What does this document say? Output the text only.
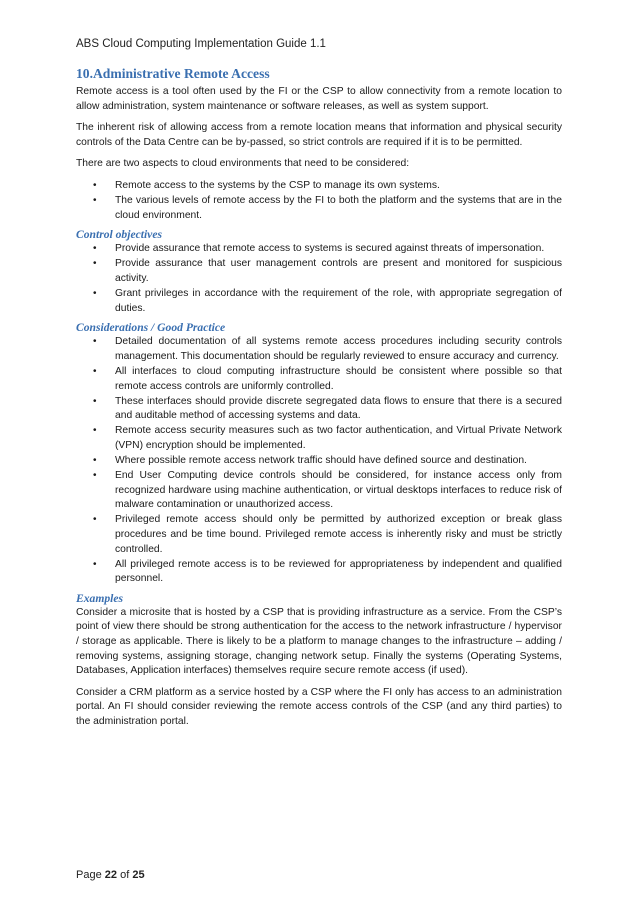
ABS Cloud Computing Implementation Guide 1.1
10.Administrative Remote Access

Remote access is a tool often used by the FI or the CSP to allow connectivity from a remote location to allow administration, system maintenance or software releases, as well as system support.

The inherent risk of allowing access from a remote location means that information and physical security controls of the Data Centre can be by-passed, so strict controls are required if it is to be permitted.

There are two aspects to cloud environments that need to be considered:

• Remote access to the systems by the CSP to manage its own systems.
• The various levels of remote access by the FI to both the platform and the systems that are in the cloud environment.
Control objectives
• Provide assurance that remote access to systems is secured against threats of impersonation.
• Provide assurance that user management controls are present and monitored for suspicious activity.
• Grant privileges in accordance with the requirement of the role, with appropriate segregation of duties.
Considerations / Good Practice
• Detailed documentation of all systems remote access procedures including security controls management. This documentation should be regularly reviewed to ensure accuracy and currency.
• All interfaces to cloud computing infrastructure should be consistent where possible so that remote access controls are uniformly controlled.
• These interfaces should provide discrete segregated data flows to ensure that there is a secured and auditable method of accessing systems and data.
• Remote access security measures such as two factor authentication, and Virtual Private Network (VPN) encryption should be implemented.
• Where possible remote access network traffic should have defined source and destination.
• End User Computing device controls should be considered, for instance access only from recognized hardware using machine authentication, or virtual desktops interfaces to reduce risk of malware contamination or unauthorized access.
• Privileged remote access should only be permitted by authorized exception or break glass procedures and be time bound. Privileged remote access is inherently risky and must be strictly controlled.
• All privileged remote access is to be reviewed for appropriateness by independent and qualified personnel.
Examples

Consider a microsite that is hosted by a CSP that is providing infrastructure as a service. From the CSP’s point of view there should be strong authentication for the access to the network infrastructure / hypervisor / storage as applicable. There is likely to be a platform to manage changes to the infrastructure – adding / removing systems, assigning storage, changing network setup. Finally the systems (Operating Systems, Databases, Application interfaces) themselves require secure remote access (if used).

Consider a CRM platform as a service hosted by a CSP where the FI only has access to an administration portal. An FI should consider reviewing the remote access controls of the CSP (and any third parties) to the administration portal.

Page 22 of 25
